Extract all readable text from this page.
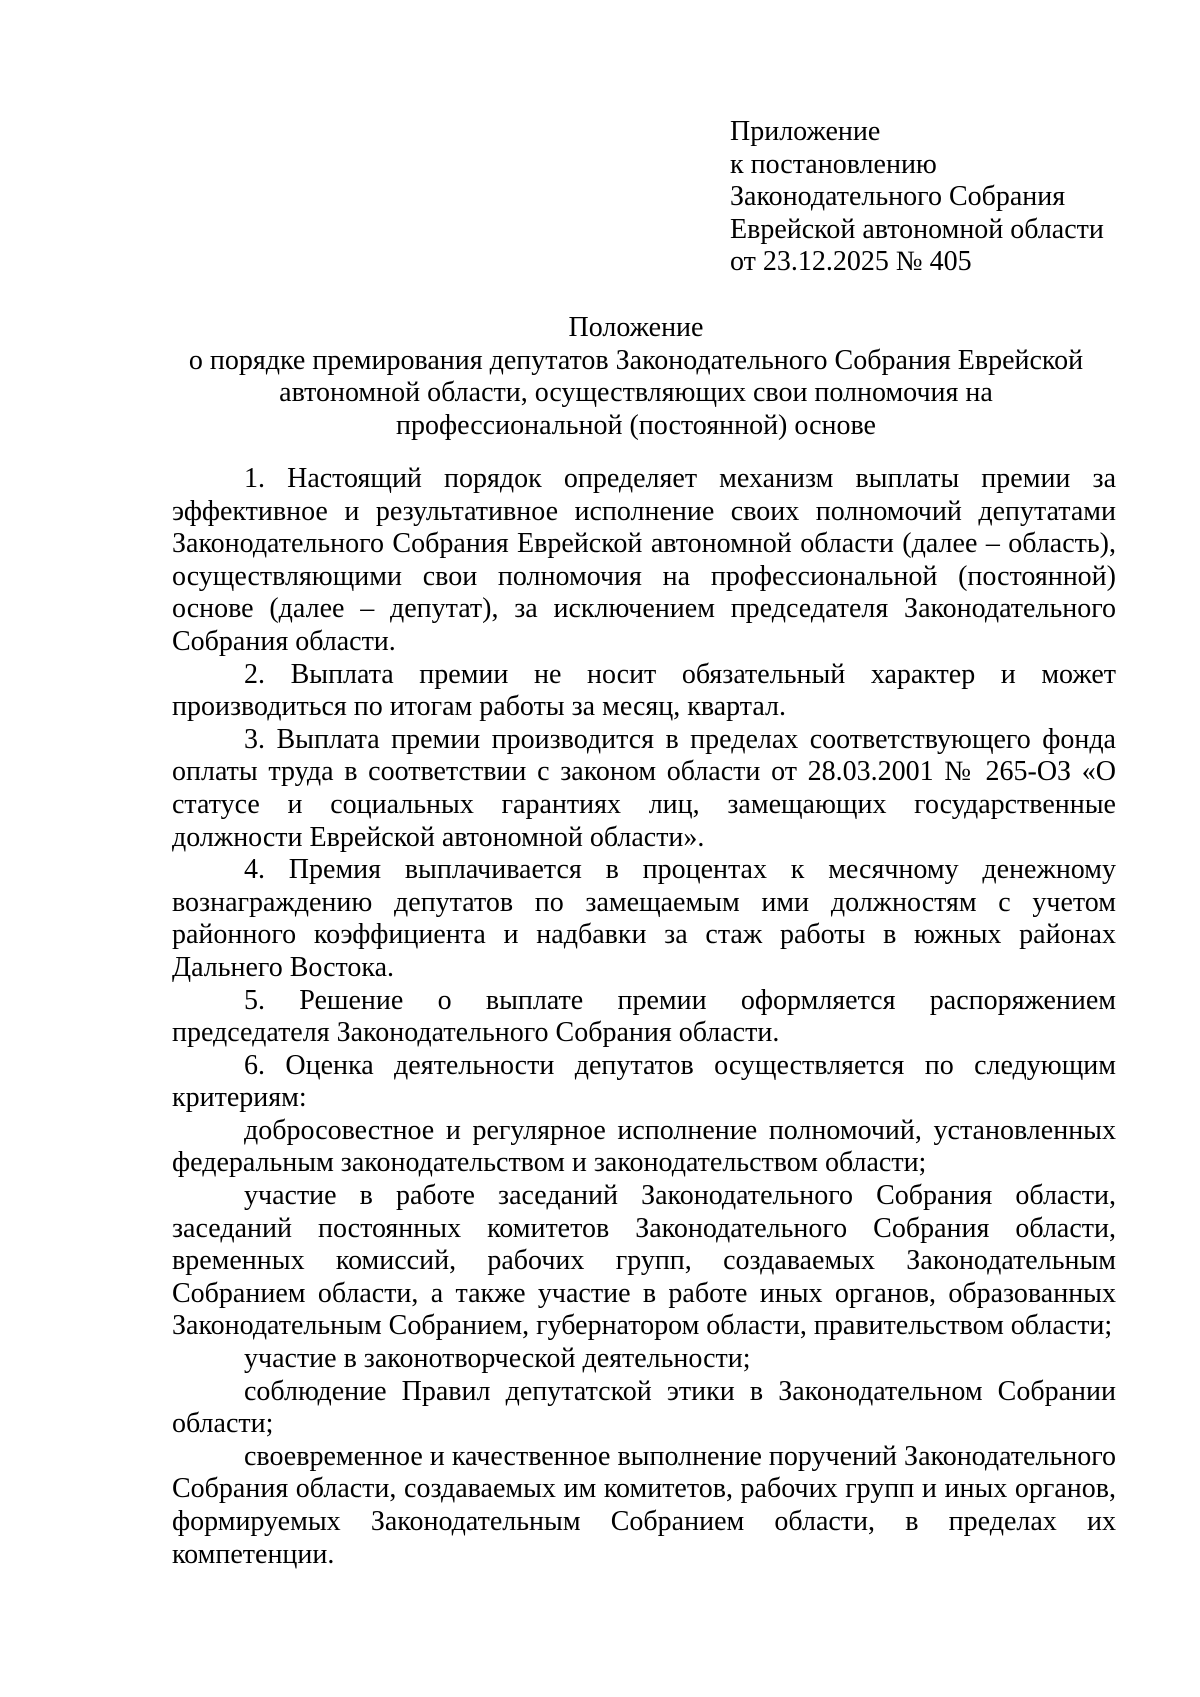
Приложение
к постановлению
Законодательного Собрания
Еврейской автономной области
от 23.12.2025 № 405
Положение
о порядке премирования депутатов Законодательного Собрания Еврейской
автономной области, осуществляющих свои полномочия на
профессиональной (постоянной) основе

1. Настоящий порядок определяет механизм выплаты премии за эффективное и результативное исполнение своих полномочий депутатами Законодательного Собрания Еврейской автономной области (далее – область), осуществляющими свои полномочия на профессиональной (постоянной) основе (далее – депутат), за исключением председателя Законодательного Собрания области.

2. Выплата премии не носит обязательный характер и может производиться по итогам работы за месяц, квартал.

3. Выплата премии производится в пределах соответствующего фонда оплаты труда в соответствии с законом области от 28.03.2001 № 265-ОЗ «О статусе и социальных гарантиях лиц, замещающих государственные должности Еврейской автономной области».

4. Премия выплачивается в процентах к месячному денежному вознаграждению депутатов по замещаемым ими должностям с учетом районного коэффициента и надбавки за стаж работы в южных районах Дальнего Востока.

5. Решение о выплате премии оформляется распоряжением председателя Законодательного Собрания области.

6. Оценка деятельности депутатов осуществляется по следующим критериям:

добросовестное и регулярное исполнение полномочий, установленных федеральным законодательством и законодательством области;

участие в работе заседаний Законодательного Собрания области, заседаний постоянных комитетов Законодательного Собрания области, временных комиссий, рабочих групп, создаваемых Законодательным Собранием области, а также участие в работе иных органов, образованных Законодательным Собранием, губернатором области, правительством области;

участие в законотворческой деятельности;

соблюдение Правил депутатской этики в Законодательном Собрании области;

своевременное и качественное выполнение поручений Законодательного Собрания области, создаваемых им комитетов, рабочих групп и иных органов, формируемых Законодательным Собранием области, в пределах их компетенции.
